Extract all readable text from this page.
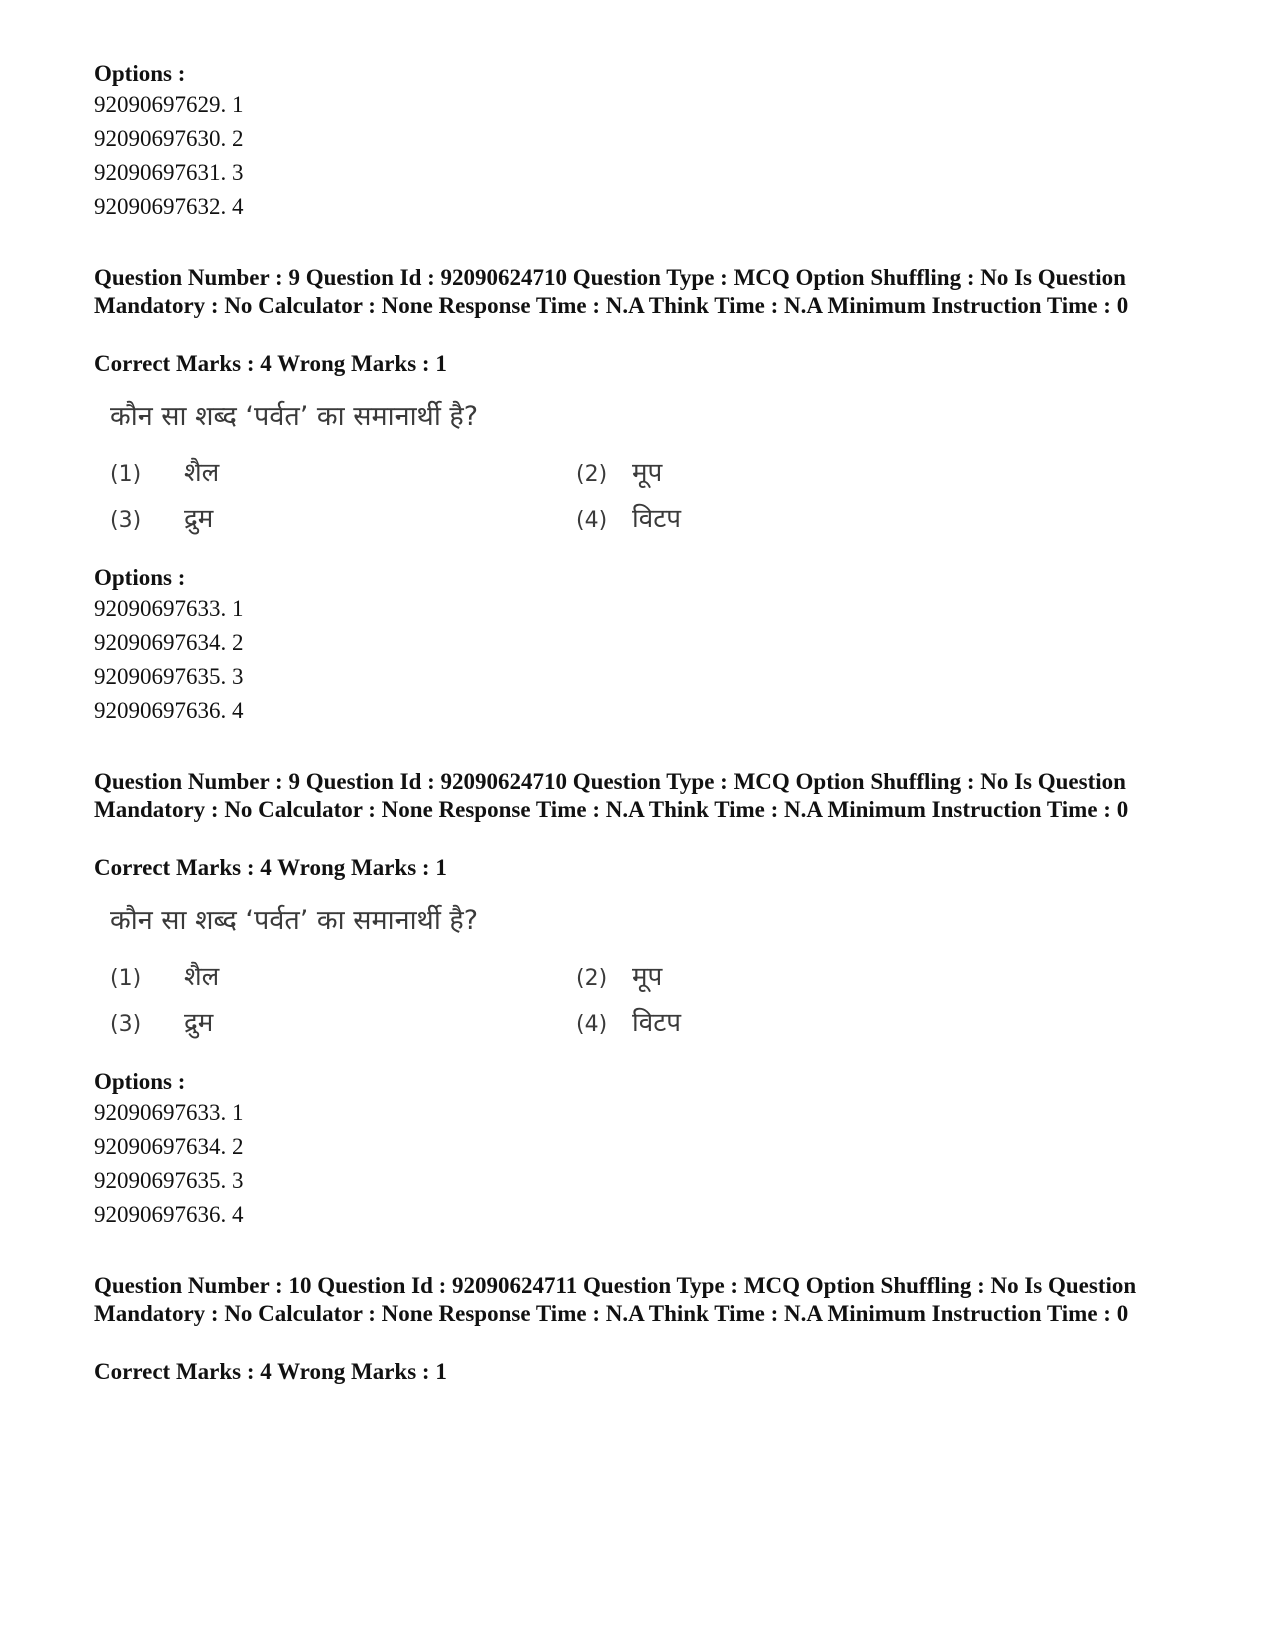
Options :
92090697629. 1
92090697630. 2
92090697631. 3
92090697632. 4
Question Number : 9 Question Id : 92090624710 Question Type : MCQ Option Shuffling : No Is Question Mandatory : No Calculator : None Response Time : N.A Think Time : N.A Minimum Instruction Time : 0
Correct Marks : 4 Wrong Marks : 1
कौन सा शब्द ‘पर्वत’ का समानार्थी है?
(1) शैल	(2) मूप
(3) द्रुम	(4) विटप
Options :
92090697633. 1
92090697634. 2
92090697635. 3
92090697636. 4
Question Number : 9 Question Id : 92090624710 Question Type : MCQ Option Shuffling : No Is Question Mandatory : No Calculator : None Response Time : N.A Think Time : N.A Minimum Instruction Time : 0
Correct Marks : 4 Wrong Marks : 1
कौन सा शब्द ‘पर्वत’ का समानार्थी है?
(1) शैल	(2) मूप
(3) द्रुम	(4) विटप
Options :
92090697633. 1
92090697634. 2
92090697635. 3
92090697636. 4
Question Number : 10 Question Id : 92090624711 Question Type : MCQ Option Shuffling : No Is Question Mandatory : No Calculator : None Response Time : N.A Think Time : N.A Minimum Instruction Time : 0
Correct Marks : 4 Wrong Marks : 1
